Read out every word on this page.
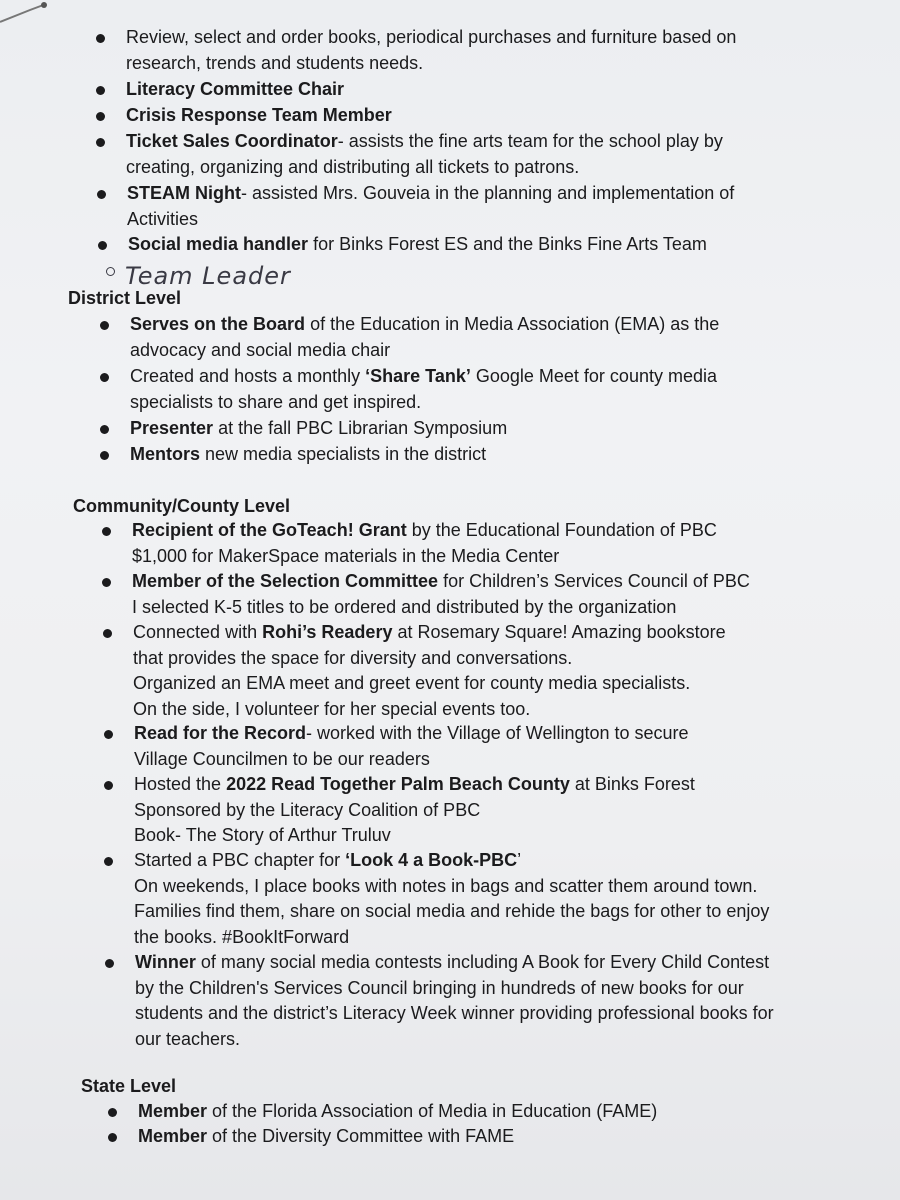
Review, select and order books, periodical purchases and furniture based on
research, trends and students needs.
Literacy Committee Chair
Crisis Response Team Member
Ticket Sales Coordinator- assists the fine arts team for the school play by
creating, organizing and distributing all tickets to patrons.
STEAM Night- assisted Mrs. Gouveia in the planning and implementation of
Activities
Social media handler for Binks Forest ES and the Binks Fine Arts Team
Team Leader
District Level
Serves on the Board of the Education in Media Association (EMA) as the
advocacy and social media chair
Created and hosts a monthly ‘Share Tank’ Google Meet for county media
specialists to share and get inspired.
Presenter at the fall PBC Librarian Symposium
Mentors new media specialists in the district
Community/County Level
Recipient of the GoTeach! Grant by the Educational Foundation of PBC
$1,000 for MakerSpace materials in the Media Center
Member of the Selection Committee for Children’s Services Council of PBC
I selected K-5 titles to be ordered and distributed by the organization
Connected with Rohi’s Readery at Rosemary Square! Amazing bookstore
that provides the space for diversity and conversations.
Organized an EMA meet and greet event for county media specialists.
On the side, I volunteer for her special events too.
Read for the Record- worked with the Village of Wellington to secure
Village Councilmen to be our readers
Hosted the 2022 Read Together Palm Beach County at Binks Forest
Sponsored by the Literacy Coalition of PBC
Book- The Story of Arthur Truluv
Started a PBC chapter for ‘Look 4 a Book-PBC’
On weekends, I place books with notes in bags and scatter them around town.
Families find them, share on social media and rehide the bags for other to enjoy
the books. #BookItForward
Winner of many social media contests including A Book for Every Child Contest
by the Children's Services Council bringing in hundreds of new books for our
students and the district’s Literacy Week winner providing professional books for
our teachers.
State Level
Member of the Florida Association of Media in Education (FAME)
Member of the Diversity Committee with FAME
